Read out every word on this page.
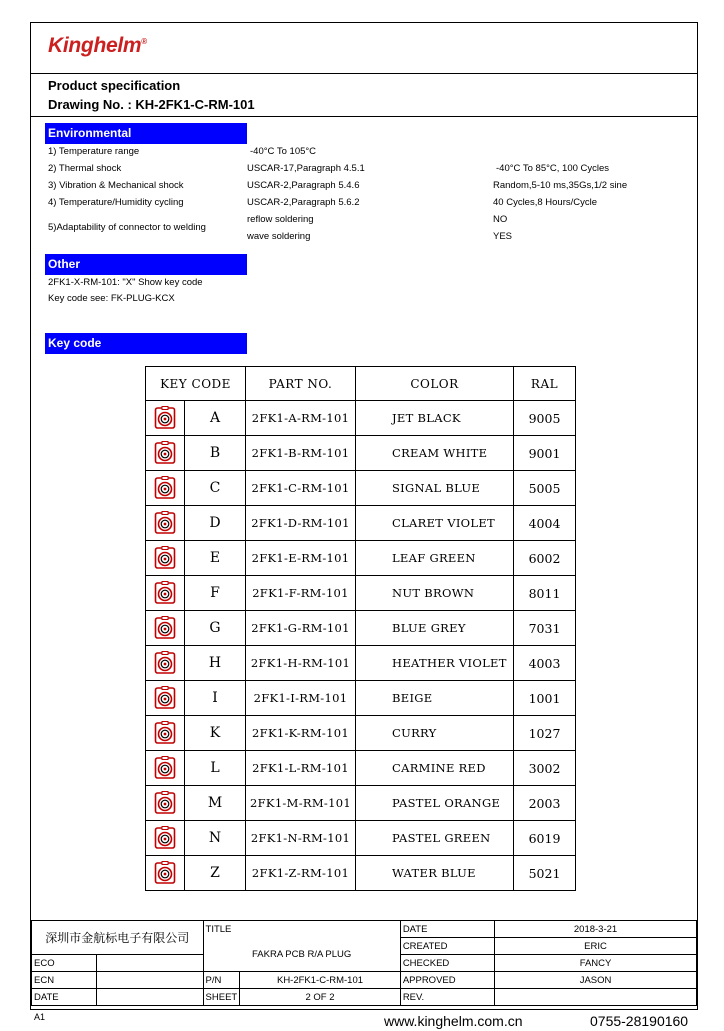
Kinghelm®
Product specification
Drawing No. : KH-2FK1-C-RM-101
Environmental
1) Temperature range	-40°C To 105°C
2) Thermal shock	USCAR-17,Paragraph 4.5.1	-40°C To 85°C, 100 Cycles
3) Vibration & Mechanical shock	USCAR-2,Paragraph 5.4.6	Random,5-10 ms,35Gs,1/2 sine
4) Temperature/Humidity cycling	USCAR-2,Paragraph 5.6.2	40 Cycles,8 Hours/Cycle
5)Adaptability of connector to welding
reflow soldering	NO
wave soldering	YES
Other
2FK1-X-RM-101: "X" Show key code
Key code see: FK-PLUG-KCX
Key code
KEY CODE		PART NO.	COLOR	RAL

	A	2FK1-A-RM-101	JET BLACK	9005

	B	2FK1-B-RM-101	CREAM WHITE	9001

	C	2FK1-C-RM-101	SIGNAL BLUE	5005

	D	2FK1-D-RM-101	CLARET VIOLET	4004

	E	2FK1-E-RM-101	LEAF GREEN	6002

	F	2FK1-F-RM-101	NUT BROWN	8011

	G	2FK1-G-RM-101	BLUE GREY	7031

	H	2FK1-H-RM-101	HEATHER VIOLET	4003

	I	2FK1-I-RM-101	BEIGE	1001

	K	2FK1-K-RM-101	CURRY	1027

	L	2FK1-L-RM-101	CARMINE RED	3002

	M	2FK1-M-RM-101	PASTEL ORANGE	2003

	N	2FK1-N-RM-101	PASTEL GREEN	6019

	Z	2FK1-Z-RM-101	WATER BLUE	5021
深圳市金航标电子有限公司		TITLE		DATE	2018-3-21
		FAKRA PCB R/A PLUG		CREATED	ERIC
ECO				CHECKED	FANCY
ECN		P/N	KH-2FK1-C-RM-101	APPROVED	JASON
DATE		SHEET	2 OF 2	REV.	
A1	www.kinghelm.com.cn	0755-28190160
